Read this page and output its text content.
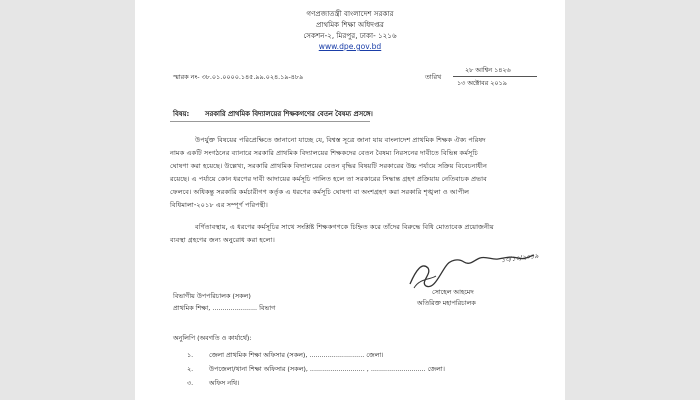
গণপ্রজাতন্ত্রী বাংলাদেশ সরকার
প্রাথমিক শিক্ষা অধিদপ্তর
সেকশন-২, মিরপুর, ঢাকা- ১২১৬
www.dpe.gov.bd
স্মারক নং- ৩৮.০১.০০০০.১৪৫.৯৯.০২৪.১৯-৪৮৯	তারিখ
২৮ আশ্বিন ১৪২৬
১৩ অক্টোবর ২০১৯
বিষয়: সরকারি প্রাথমিক বিদ্যালয়ের শিক্ষকগণের বেতন বৈষম্য প্রসঙ্গে।
উপর্যুক্ত বিষয়ের পরিপ্রেক্ষিতে জানানো যাচ্ছে যে, বিশ্বস্ত সূত্রে জানা যায় বাংলাদেশ প্রাথমিক শিক্ষক ঐক্য পরিষদ
নামক একটি সংগঠনের ব্যানারে সরকারি প্রাথমিক বিদ্যালয়ের শিক্ষকদের বেতন বৈষম্য নিরসনের দাবীতে বিভিন্ন কর্মসূচি
ঘোষণা করা হয়েছে। উল্লেখ্য, সরকারি প্রাথমিক বিদ্যালয়ের বেতন বৃদ্ধির বিষয়টি সরকারের উচ্চ পর্যায়ে সক্রিয় বিবেচনাধীন
রয়েছে। এ পর্যায়ে কোন ধরণের দাবী আদায়ের কর্মসূচি পালিত হলে তা সরকারের সিদ্ধান্ত গ্রহণ প্রক্রিয়ায় নেতিবাচক প্রভাব
ফেলবে। অধিকন্তু সরকারি কর্মচারীগণ কর্তৃক এ ধরণের কর্মসূচি ঘোষণা বা অংশগ্রহণ করা সরকারি শৃঙ্খলা ও আপীল
বিধিমালা-২০১৮ এর সম্পূর্ণ পরিপন্থী।
বর্ণিতাবস্থায়, এ ধরণের কর্মসূচির সাথে সংশ্লিষ্ট শিক্ষকগণকে চিহ্নিত করে তাঁদের বিরুদ্ধে বিধি মোতাবেক প্রয়োজনীয়
ব্যবস্থা গ্রহণের জন্য অনুরোধ করা হলো।
১৩/১০/২০১৯
সোহেল আহমেদ
অতিরিক্ত মহাপরিচালক
বিভাগীয় উপপরিচালক (সকল)
প্রাথমিক শিক্ষা, ...................... বিভাগ
অনুলিপি (অবগতি ও কার্যার্থে):
১. জেলা প্রাথমিক শিক্ষা অফিসার (সকল), ........................... জেলা।
২. উপজেলা/থানা শিক্ষা অফিসার (সকল), ........................... , ........................... জেলা।
৩. অফিস নথি।
